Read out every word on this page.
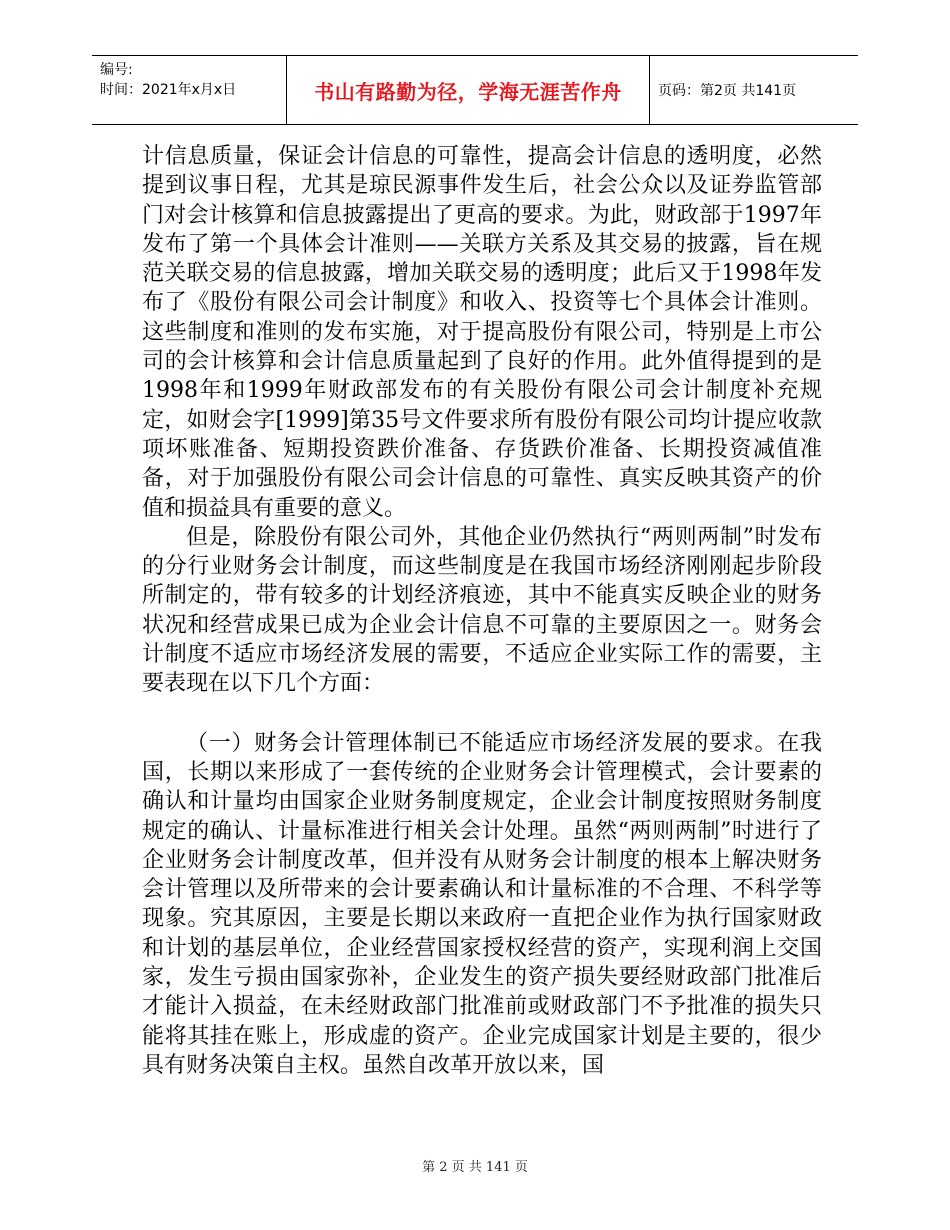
编号:
时间：2021年x月x日	书山有路勤为径，学海无涯苦作舟	页码：第2页 共141页

计信息质量，保证会计信息的可靠性，提高会计信息的透明度，必然提到议事日程，尤其是琼民源事件发生后，社会公众以及证券监管部门对会计核算和信息披露提出了更高的要求。为此，财政部于1997年发布了第一个具体会计准则——关联方关系及其交易的披露，旨在规范关联交易的信息披露，增加关联交易的透明度；此后又于1998年发布了《股份有限公司会计制度》和收入、投资等七个具体会计准则。这些制度和准则的发布实施，对于提高股份有限公司，特别是上市公司的会计核算和会计信息质量起到了良好的作用。此外值得提到的是1998年和1999年财政部发布的有关股份有限公司会计制度补充规定，如财会字[1999]第35号文件要求所有股份有限公司均计提应收款项坏账准备、短期投资跌价准备、存货跌价准备、长期投资减值准备，对于加强股份有限公司会计信息的可靠性、真实反映其资产的价值和损益具有重要的意义。

但是，除股份有限公司外，其他企业仍然执行“两则两制”时发布的分行业财务会计制度，而这些制度是在我国市场经济刚刚起步阶段所制定的，带有较多的计划经济痕迹，其中不能真实反映企业的财务状况和经营成果已成为企业会计信息不可靠的主要原因之一。财务会计制度不适应市场经济发展的需要，不适应企业实际工作的需要，主要表现在以下几个方面：

（一）财务会计管理体制已不能适应市场经济发展的要求。在我国，长期以来形成了一套传统的企业财务会计管理模式，会计要素的确认和计量均由国家企业财务制度规定，企业会计制度按照财务制度规定的确认、计量标准进行相关会计处理。虽然“两则两制”时进行了企业财务会计制度改革，但并没有从财务会计制度的根本上解决财务会计管理以及所带来的会计要素确认和计量标准的不合理、不科学等现象。究其原因，主要是长期以来政府一直把企业作为执行国家财政和计划的基层单位，企业经营国家授权经营的资产，实现利润上交国家，发生亏损由国家弥补，企业发生的资产损失要经财政部门批准后才能计入损益，在未经财政部门批准前或财政部门不予批准的损失只能将其挂在账上，形成虚的资产。企业完成国家计划是主要的，很少具有财务决策自主权。虽然自改革开放以来，国

第 2 页 共 141 页
